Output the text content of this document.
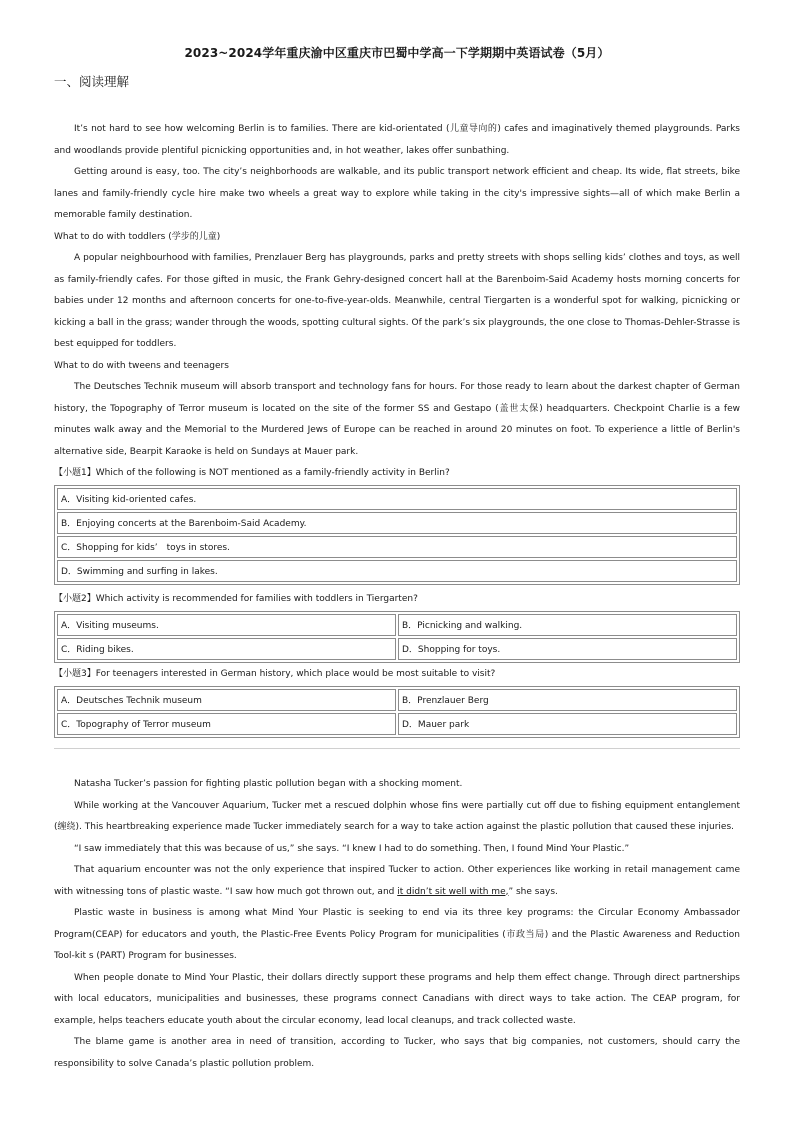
2023~2024学年重庆渝中区重庆市巴蜀中学高一下学期期中英语试卷（5月）
一、阅读理解

It’s not hard to see how welcoming Berlin is to families. There are kid-orientated (儿童导向的) cafes and imaginatively themed playgrounds. Parks and woodlands provide plentiful picnicking opportunities and, in hot weather, lakes offer sunbathing.

Getting around is easy, too. The city’s neighborhoods are walkable, and its public transport network efficient and cheap. Its wide, flat streets, bike lanes and family-friendly cycle hire make two wheels a great way to explore while taking in the city's impressive sights—all of which make Berlin a memorable family destination.

What to do with toddlers (学步的儿童)

A popular neighbourhood with families, Prenzlauer Berg has playgrounds, parks and pretty streets with shops selling kids’ clothes and toys, as well as family-friendly cafes. For those gifted in music, the Frank Gehry-designed concert hall at the Barenboim-Said Academy hosts morning concerts for babies under 12 months and afternoon concerts for one-to-five-year-olds. Meanwhile, central Tiergarten is a wonderful spot for walking, picnicking or kicking a ball in the grass; wander through the woods, spotting cultural sights. Of the park’s six playgrounds, the one close to Thomas-Dehler-Strasse is best equipped for toddlers.

What to do with tweens and teenagers

The Deutsches Technik museum will absorb transport and technology fans for hours. For those ready to learn about the darkest chapter of German history, the Topography of Terror museum is located on the site of the former SS and Gestapo (盖世太保) headquarters. Checkpoint Charlie is a few minutes walk away and the Memorial to the Murdered Jews of Europe can be reached in around 20 minutes on foot. To experience a little of Berlin's alternative side, Bearpit Karaoke is held on Sundays at Mauer park.

【小题1】Which of the following is NOT mentioned as a family-friendly activity in Berlin?
A．Visiting kid-oriented cafes.
B．Enjoying concerts at the Barenboim-Said Academy.
C．Shopping for kids’　toys in stores.
D．Swimming and surfing in lakes.
【小题2】Which activity is recommended for families with toddlers in Tiergarten?
A．Visiting museums.	B．Picnicking and walking.
C．Riding bikes.	D．Shopping for toys.
【小题3】For teenagers interested in German history, which place would be most suitable to visit?
A．Deutsches Technik museum	B．Prenzlauer Berg
C．Topography of Terror museum	D．Mauer park

Natasha Tucker’s passion for fighting plastic pollution began with a shocking moment.

While working at the Vancouver Aquarium, Tucker met a rescued dolphin whose fins were partially cut off due to fishing equipment entanglement (缠绕). This heartbreaking experience made Tucker immediately search for a way to take action against the plastic pollution that caused these injuries.

“I saw immediately that this was because of us,” she says. “I knew I had to do something. Then, I found Mind Your Plastic.”

That aquarium encounter was not the only experience that inspired Tucker to action. Other experiences like working in retail management came with witnessing tons of plastic waste. “I saw how much got thrown out, and it didn’t sit well with me,” she says.

Plastic waste in business is among what Mind Your Plastic is seeking to end via its three key programs: the Circular Economy Ambassador Program(CEAP) for educators and youth, the Plastic-Free Events Policy Program for municipalities (市政当局) and the Plastic Awareness and Reduction Tool-kit s (PART) Program for businesses.

When people donate to Mind Your Plastic, their dollars directly support these programs and help them effect change. Through direct partnerships with local educators, municipalities and businesses, these programs connect Canadians with direct ways to take action. The CEAP program, for example, helps teachers educate youth about the circular economy, lead local cleanups, and track collected waste.

The blame game is another area in need of transition, according to Tucker, who says that big companies, not customers, should carry the responsibility to solve Canada’s plastic pollution problem.
